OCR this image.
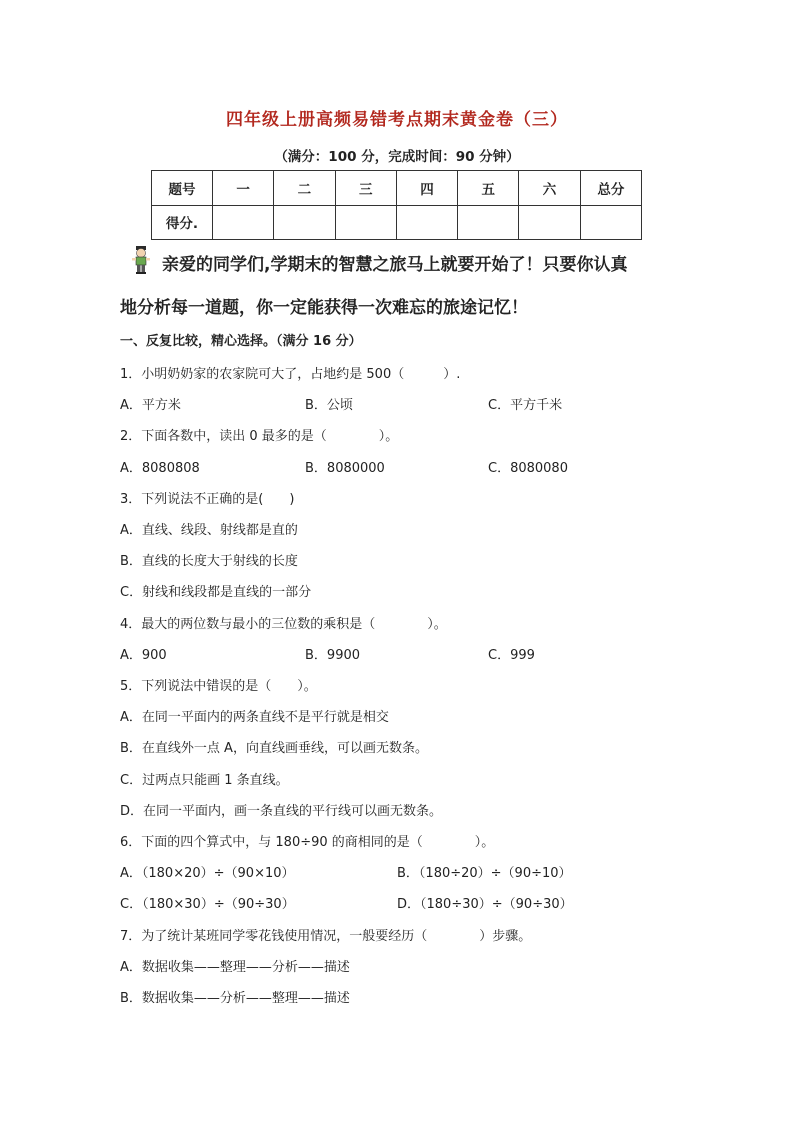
四年级上册高频易错考点期末黄金卷（三）
（满分：100 分，完成时间：90 分钟）
题号	一	二	三	四	五	六	总分
得分.							
亲爱的同学们,学期末的智慧之旅马上就要开始了！只要你认真
地分析每一道题，你一定能获得一次难忘的旅途记忆！
一、反复比较，精心选择。（满分 16 分）
1．小明奶奶家的农家院可大了，占地约是 500（　　　）.
A．平方米	B．公顷	C．平方千米
2．下面各数中，读出 0 最多的是（　　　　）。
A．8080808	B．8080000	C．8080080
3．下列说法不正确的是(　　)
A．直线、线段、射线都是直的
B．直线的长度大于射线的长度
C．射线和线段都是直线的一部分
4．最大的两位数与最小的三位数的乘积是（　　　　）。
A．900	B．9900	C．999
5．下列说法中错误的是（　　）。
A．在同一平面内的两条直线不是平行就是相交
B．在直线外一点 A，向直线画垂线，可以画无数条。
C．过两点只能画 1 条直线。
D．在同一平面内，画一条直线的平行线可以画无数条。
6．下面的四个算式中，与 180÷90 的商相同的是（　　　　）。
A．（180×20）÷（90×10）	B．（180÷20）÷（90÷10）
C．（180×30）÷（90÷30）	D．（180÷30）÷（90÷30）
7．为了统计某班同学零花钱使用情况，一般要经历（　　　　）步骤。
A．数据收集——整理——分析——描述
B．数据收集——分析——整理——描述
